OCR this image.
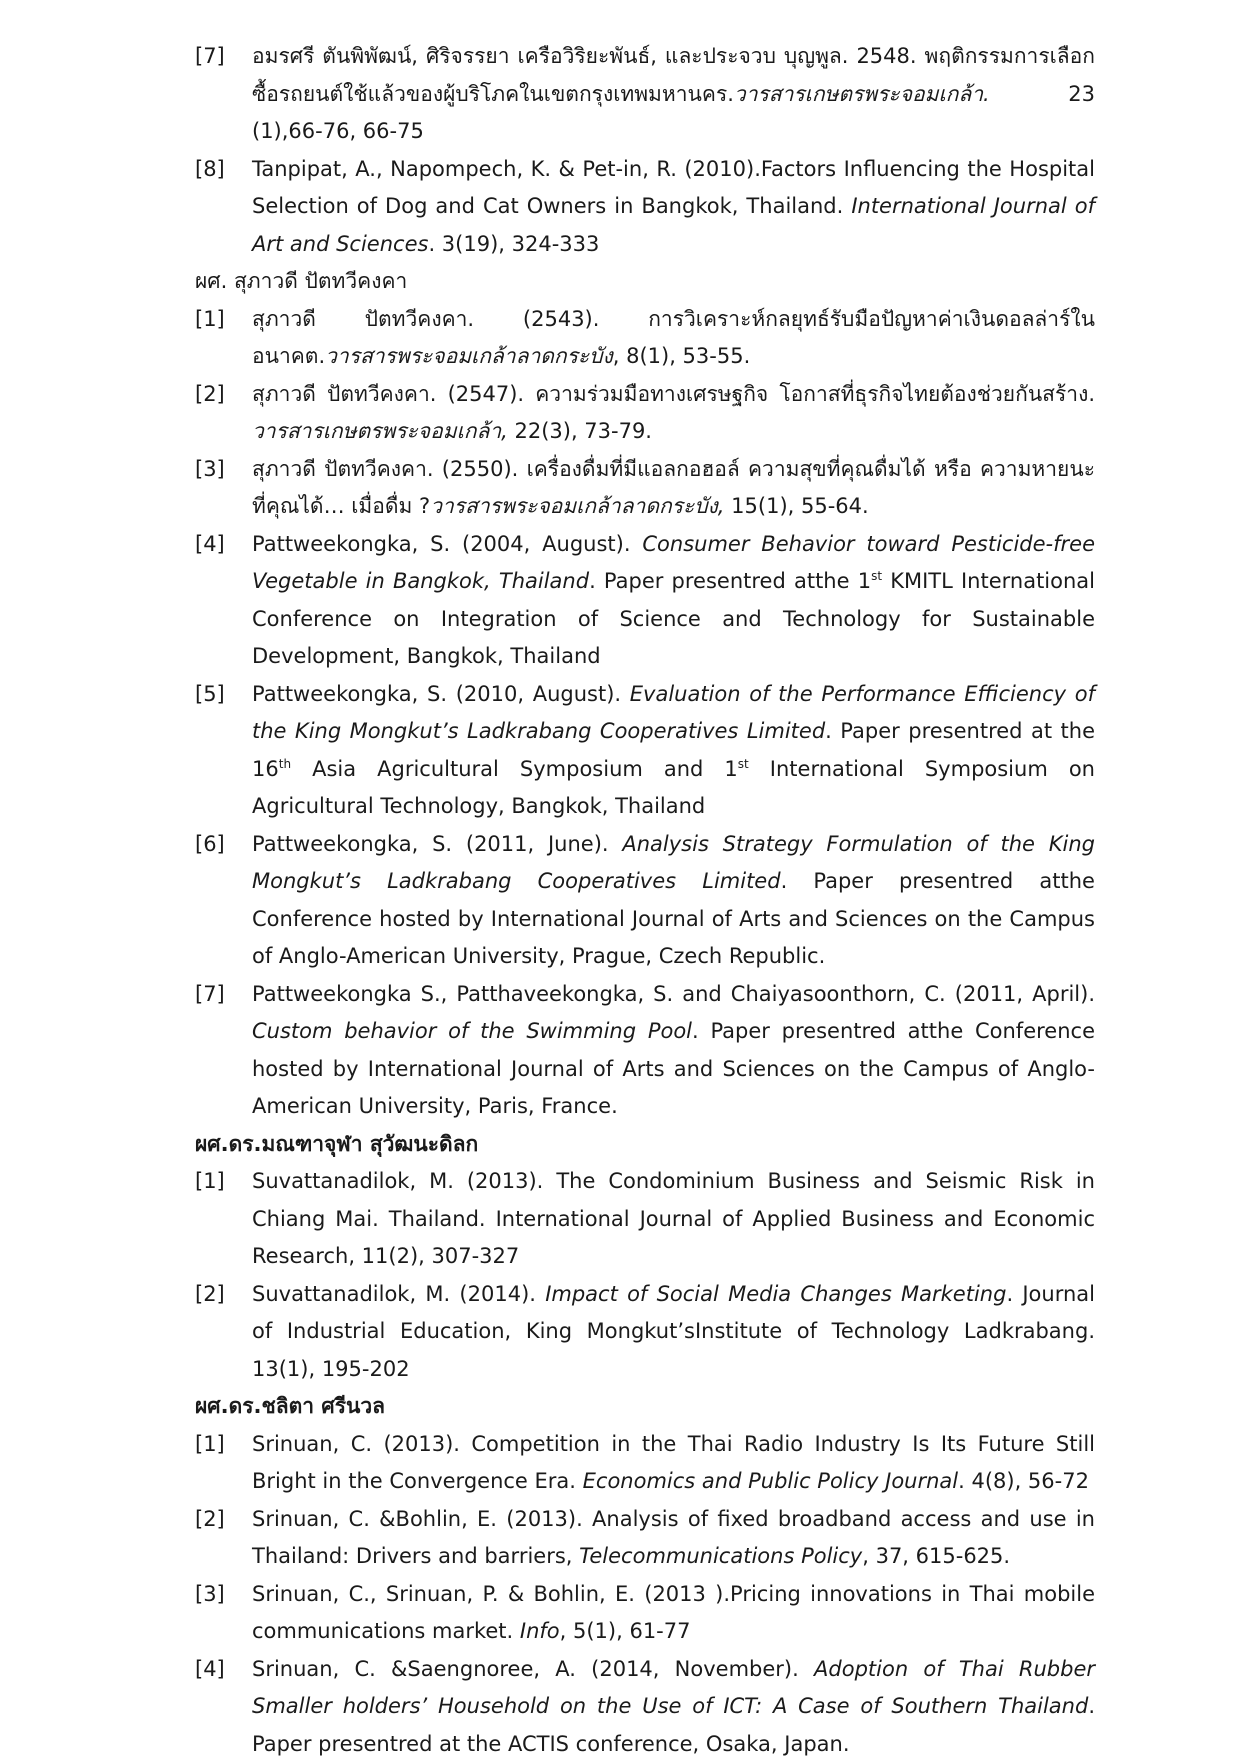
[7] อมรศรี ตันพิพัฒน์, ศิริจรรยา เครือวิริยะพันธ์, และประจวบ บุญพูล. 2548. พฤติกรรมการเลือกซื้อรถยนต์ใช้แล้วของผู้บริโภคในเขตกรุงเทพมหานคร.วารสารเกษตรพระจอมเกล้า. 23 (1),66-76, 66-75
[8] Tanpipat, A., Napompech, K. & Pet-in, R. (2010).Factors Influencing the Hospital Selection of Dog and Cat Owners in Bangkok, Thailand. International Journal of Art and Sciences. 3(19), 324-333
ผศ. สุภาวดี ปัตทวีคงคา
[1] สุภาวดี ปัตทวีคงคา. (2543). การวิเคราะห์กลยุทธ์รับมือปัญหาค่าเงินดอลล่าร์ในอนาคต.วารสารพระจอมเกล้าลาดกระบัง, 8(1), 53-55.
[2] สุภาวดี ปัตทวีคงคา. (2547). ความร่วมมือทางเศรษฐกิจ โอกาสที่ธุรกิจไทยต้องช่วยกันสร้าง. วารสารเกษตรพระจอมเกล้า, 22(3), 73-79.
[3] สุภาวดี ปัตทวีคงคา. (2550). เครื่องดื่มที่มีแอลกอฮอล์ ความสุขที่คุณดื่มได้ หรือ ความหายนะที่คุณได้… เมื่อดื่ม ?วารสารพระจอมเกล้าลาดกระบัง, 15(1), 55-64.
[4] Pattweekongka, S. (2004, August). Consumer Behavior toward Pesticide-free Vegetable in Bangkok, Thailand. Paper presentred atthe 1st KMITL International Conference on Integration of Science and Technology for Sustainable Development, Bangkok, Thailand
[5] Pattweekongka, S. (2010, August). Evaluation of the Performance Efficiency of the King Mongkut’s Ladkrabang Cooperatives Limited. Paper presentred at the 16th Asia Agricultural Symposium and 1st International Symposium on Agricultural Technology, Bangkok, Thailand
[6] Pattweekongka, S. (2011, June). Analysis Strategy Formulation of the King Mongkut’s Ladkrabang Cooperatives Limited. Paper presentred atthe Conference hosted by International Journal of Arts and Sciences on the Campus of Anglo-American University, Prague, Czech Republic.
[7] Pattweekongka S., Patthaveekongka, S. and Chaiyasoonthorn, C. (2011, April). Custom behavior of the Swimming Pool. Paper presentred atthe Conference hosted by International Journal of Arts and Sciences on the Campus of Anglo-American University, Paris, France.
ผศ.ดร.มณฑาจุฬา สุวัฒนะดิลก
[1] Suvattanadilok, M. (2013). The Condominium Business and Seismic Risk in Chiang Mai. Thailand. International Journal of Applied Business and Economic Research, 11(2), 307-327
[2] Suvattanadilok, M. (2014). Impact of Social Media Changes Marketing. Journal of Industrial Education, King Mongkut’sInstitute of Technology Ladkrabang. 13(1), 195-202
ผศ.ดร.ชลิตา ศรีนวล
[1] Srinuan, C. (2013). Competition in the Thai Radio Industry Is Its Future Still Bright in the Convergence Era. Economics and Public Policy Journal. 4(8), 56-72
[2] Srinuan, C. &Bohlin, E. (2013). Analysis of fixed broadband access and use in Thailand: Drivers and barriers, Telecommunications Policy, 37, 615-625.
[3] Srinuan, C., Srinuan, P. & Bohlin, E. (2013 ).Pricing innovations in Thai mobile communications market. Info, 5(1), 61-77
[4] Srinuan, C. &Saengnoree, A. (2014, November). Adoption of Thai Rubber Smaller holders’ Household on the Use of ICT: A Case of Southern Thailand. Paper presentred at the ACTIS conference, Osaka, Japan.
